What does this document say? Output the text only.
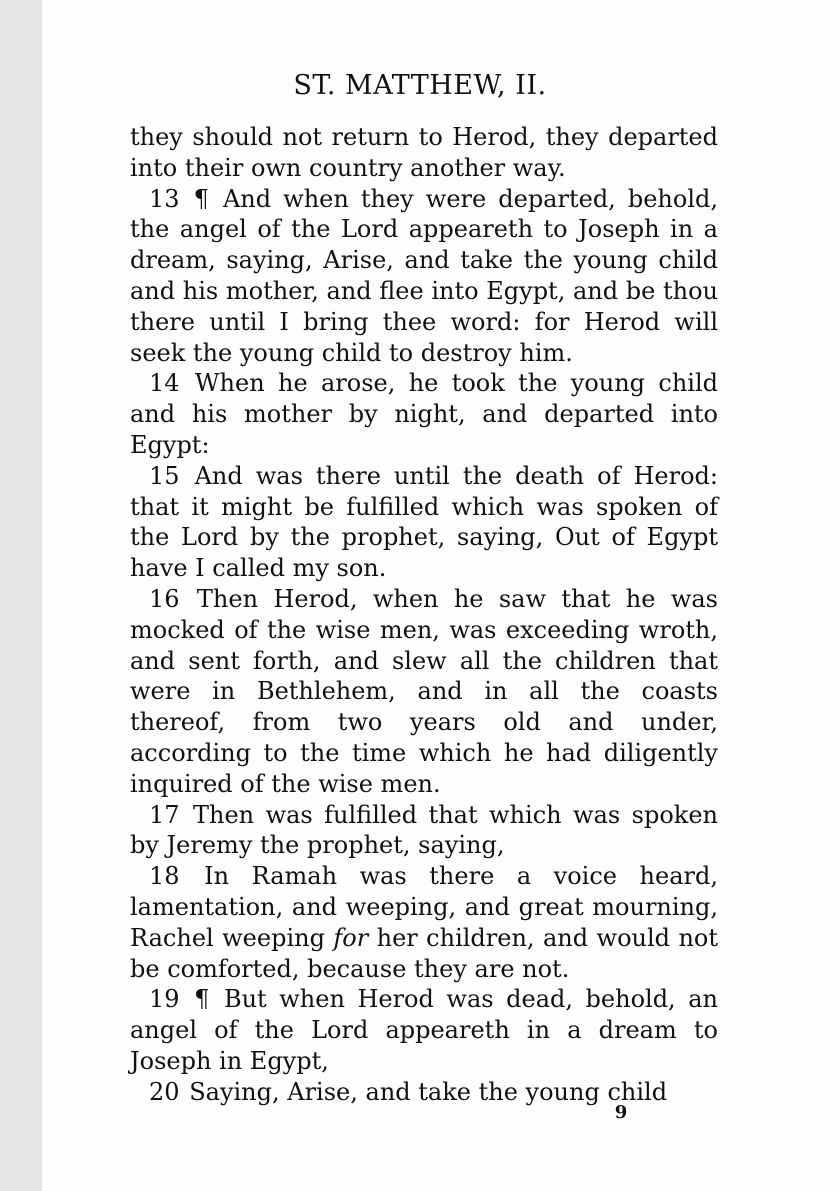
ST. MATTHEW, II.

they should not return to Herod, they departed into their own country another way.

13 ¶ And when they were departed, behold, the angel of the Lord appeareth to Joseph in a dream, saying, Arise, and take the young child and his mother, and flee into Egypt, and be thou there until I bring thee word: for Herod will seek the young child to destroy him.

14 When he arose, he took the young child and his mother by night, and departed into Egypt:

15 And was there until the death of Herod: that it might be fulfilled which was spoken of the Lord by the prophet, saying, Out of Egypt have I called my son.

16 Then Herod, when he saw that he was mocked of the wise men, was exceeding wroth, and sent forth, and slew all the children that were in Bethlehem, and in all the coasts thereof, from two years old and under, according to the time which he had diligently inquired of the wise men.

17 Then was fulfilled that which was spoken by Jeremy the prophet, saying,

18 In Ramah was there a voice heard, lamentation, and weeping, and great mourning, Rachel weeping for her children, and would not be comforted, because they are not.

19 ¶ But when Herod was dead, behold, an angel of the Lord appeareth in a dream to Joseph in Egypt,

20 Saying, Arise, and take the young child

9
